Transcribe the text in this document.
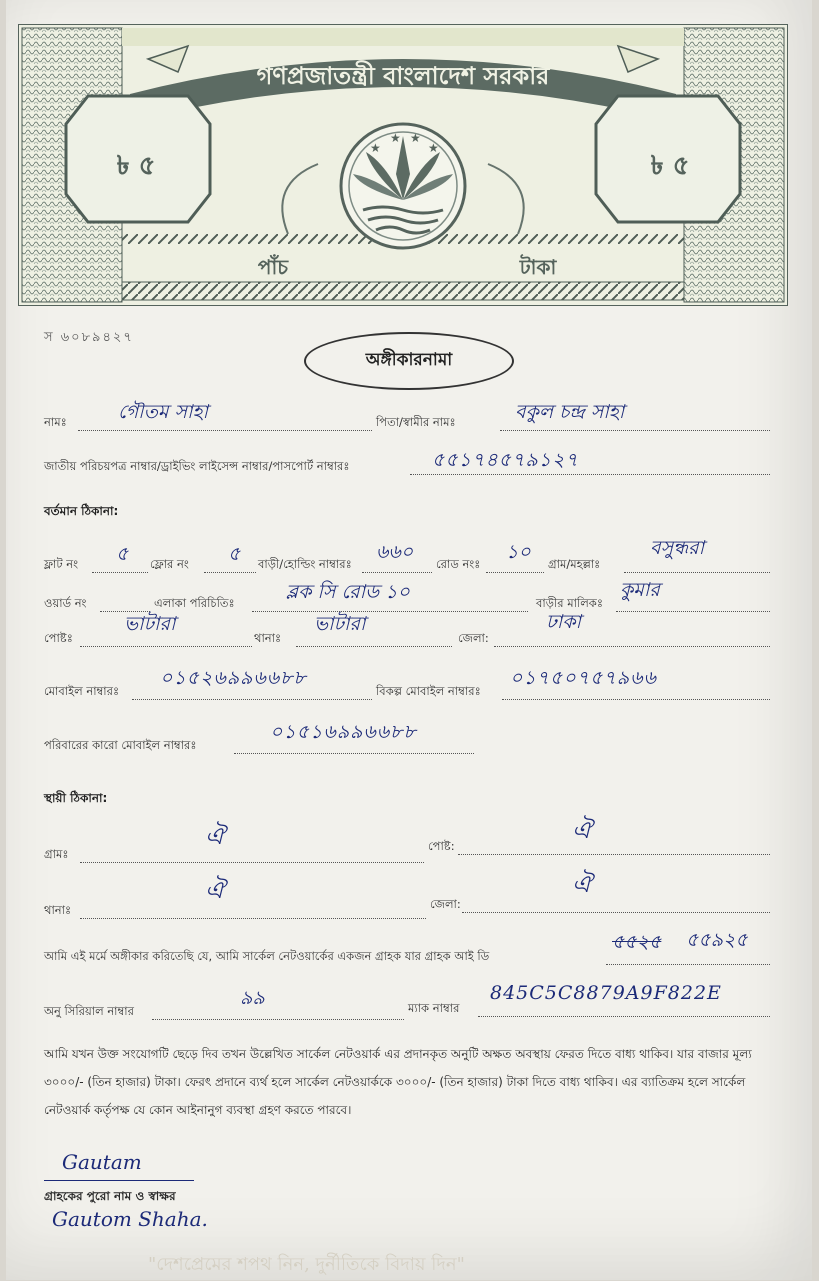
গণপ্রজাতন্ত্রী বাংলাদেশ সরকার
৳ ৫	৳ ৫
★
★ ★
★
পাঁচ	টাকা
স ৬০৮৯৪২৭
অঙ্গীকারনামা
নামঃ	গৌতম সাহা	পিতা/স্বামীর নামঃ	বকুল চন্দ্র সাহা
জাতীয় পরিচয়পত্র নাম্বার/ড্রাইভিং লাইসেন্স নাম্বার/পাসপোর্ট নাম্বারঃ	৫৫১৭৪৫৭৯১২৭
বর্তমান ঠিকানা:
ফ্লাট নং ৫ ফ্লোর নং ৫ বাড়ী/হোল্ডিং নাম্বারঃ
৬৬০
রোড নংঃ
১০
গ্রাম/মহল্লাঃ
বসুন্ধরা
ওয়ার্ড নং	এলাকা পরিচিতিঃ	ব্লক সি রোড ১০	বাড়ীর মালিকঃ
কুমার
পোষ্টঃ
ভাটারা
থানাঃ
ভাটারা
জেলা:
ঢাকা
মোবাইল নাম্বারঃ
০১৫২৬৯৯৬৬৮৮
বিকল্প মোবাইল নাম্বারঃ
০১৭৫০৭৫৭৯৬৬
পরিবারের কারো মোবাইল নাম্বারঃ
০১৫১৬৯৯৬৬৮৮
স্থায়ী ঠিকানা:
গ্রামঃ
ঐ	পোষ্ট:
ঐ
থানাঃ
ঐ	জেলা:
ঐ
আমি এই মর্মে অঙ্গীকার করিতেছি যে, আমি সার্কেল নেটওয়ার্কের একজন গ্রাহক যার গ্রাহক আই ডি
৫৫২৫ ৫৫৯২৫
অনু সিরিয়াল নাম্বার
৯৯	ম্যাক নাম্বার
845C5C8879A9F822E
আমি যখন উক্ত সংযোগটি ছেড়ে দিব তখন উল্লেখিত সার্কেল নেটওয়ার্ক এর প্রদানকৃত অনুটি অক্ষত অবস্থায় ফেরত দিতে বাধ্য থাকিব। যার বাজার মূল্য ৩০০০/- (তিন হাজার) টাকা। ফেরৎ প্রদানে ব্যর্থ হলে সার্কেল নেটওয়ার্ককে ৩০০০/- (তিন হাজার) টাকা দিতে বাধ্য থাকিব। এর ব্যাতিক্রম হলে সার্কেল নেটওয়ার্ক কর্তৃপক্ষ যে কোন আইনানুগ ব্যবস্থা গ্রহণ করতে পারবে।
Gautam
গ্রাহকের পুরো নাম ও স্বাক্ষর
Gautom Shaha.
"দেশপ্রেমের শপথ নিন, দুর্নীতিকে বিদায় দিন"
